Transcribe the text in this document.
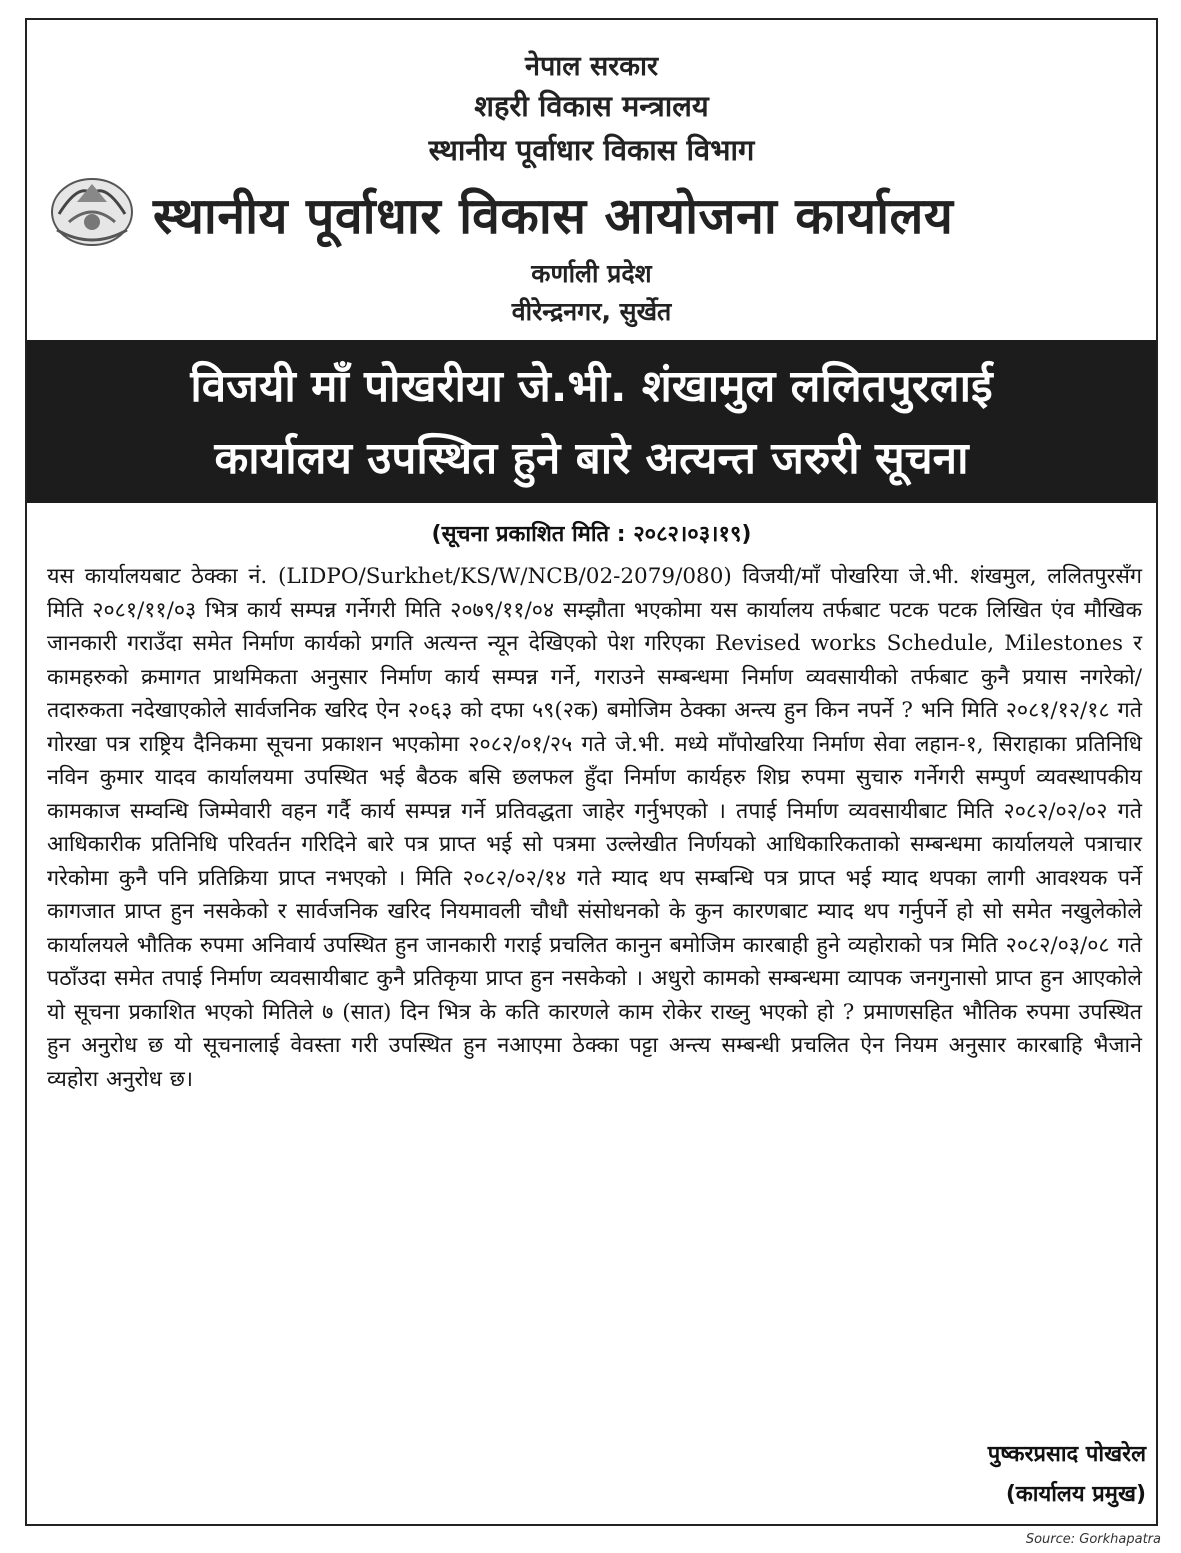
नेपाल सरकार
शहरी विकास मन्त्रालय
स्थानीय पूर्वाधार विकास विभाग
स्थानीय पूर्वाधार विकास आयोजना कार्यालय
कर्णाली प्रदेश
वीरेन्द्रनगर, सुर्खेत
विजयी माँ पोखरीया जे.भी. शंखामुल ललितपुरलाई
कार्यालय उपस्थित हुने बारे अत्यन्त जरुरी सूचना
(सूचना प्रकाशित मिति : २०८२।०३।१९)
यस कार्यालयबाट ठेक्का नं. (LIDPO/Surkhet/KS/W/NCB/02-2079/080) विजयी/माँ पोखरिया जे.भी. शंखमुल, ललितपुरसँग मिति २०८१/११/०३ भित्र कार्य सम्पन्न गर्नेगरी मिति २०७९/११/०४ सम्झौता भएकोमा यस कार्यालय तर्फबाट पटक पटक लिखित एंव मौखिक जानकारी गराउँदा समेत निर्माण कार्यको प्रगति अत्यन्त न्यून देखिएको पेश गरिएका Revised works Schedule, Milestones र कामहरुको क्रमागत प्राथमिकता अनुसार निर्माण कार्य सम्पन्न गर्ने, गराउने सम्बन्धमा निर्माण व्यवसायीको तर्फबाट कुनै प्रयास नगरेको/तदारुकता नदेखाएकोले सार्वजनिक खरिद ऐन २०६३ को दफा ५९(२क) बमोजिम ठेक्का अन्त्य हुन किन नपर्ने ? भनि मिति २०८१/१२/१८ गते गोरखा पत्र राष्ट्रिय दैनिकमा सूचना प्रकाशन भएकोमा २०८२/०१/२५ गते जे.भी. मध्ये माँपोखरिया निर्माण सेवा लहान-१, सिराहाका प्रतिनिधि नविन कुमार यादव कार्यालयमा उपस्थित भई बैठक बसि छलफल हुँदा निर्माण कार्यहरु शिघ्र रुपमा सुचारु गर्नेगरी सम्पुर्ण व्यवस्थापकीय कामकाज सम्वन्धि जिम्मेवारी वहन गर्दै कार्य सम्पन्न गर्ने प्रतिवद्धता जाहेर गर्नुभएको । तपाई निर्माण व्यवसायीबाट मिति २०८२/०२/०२ गते आधिकारीक प्रतिनिधि परिवर्तन गरिदिने बारे पत्र प्राप्त भई सो पत्रमा उल्लेखीत निर्णयको आधिकारिकताको सम्बन्धमा कार्यालयले पत्राचार गरेकोमा कुनै पनि प्रतिक्रिया प्राप्त नभएको । मिति २०८२/०२/१४ गते म्याद थप सम्बन्धि पत्र प्राप्त भई म्याद थपका लागी आवश्यक पर्ने कागजात प्राप्त हुन नसकेको र सार्वजनिक खरिद नियमावली चौधौ संसोधनको के कुन कारणबाट म्याद थप गर्नुपर्ने हो सो समेत नखुलेकोले कार्यालयले भौतिक रुपमा अनिवार्य उपस्थित हुन जानकारी गराई प्रचलित कानुन बमोजिम कारबाही हुने व्यहोराको पत्र मिति २०८२/०३/०८ गते पठाँउदा समेत तपाई निर्माण व्यवसायीबाट कुनै प्रतिकृया प्राप्त हुन नसकेको । अधुरो कामको सम्बन्धमा व्यापक जनगुनासो प्राप्त हुन आएकोले यो सूचना प्रकाशित भएको मितिले ७ (सात) दिन भित्र के कति कारणले काम रोकेर राख्नु भएको हो ? प्रमाणसहित भौतिक रुपमा उपस्थित हुन अनुरोध छ यो सूचनालाई वेवस्ता गरी उपस्थित हुन नआएमा ठेक्का पट्टा अन्त्य सम्बन्धी प्रचलित ऐन नियम अनुसार कारबाहि भैजाने व्यहोरा अनुरोध छ।
पुष्करप्रसाद पोखरेल
(कार्यालय प्रमुख)
Source: Gorkhapatra
